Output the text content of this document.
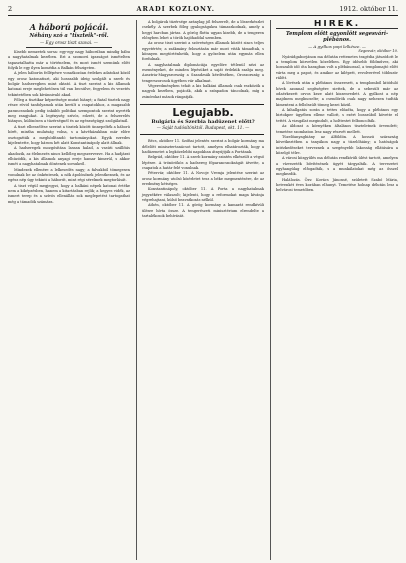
2	ARADI KOZLONY.	1912. október 11.
A háború pojácái.
Néhány szó a "tiszteik"-ről.
— Egy orosz tiszt szavai. —
Kisebb nemzetek sorsa: egy-egy nagy háborúban mindig bábu a nagyhatalmak kezében. Ezt a szomorú igazságot ismételten tapasztalhatta már a történelem, és most ismét szemünk előtt folyik le egy ilyen komédia a Balkán félszigeten.
A jelen háborús fellépésre vonatkozóan érdekes adatokat közöl egy orosz katonatiszt, aki hosszabb ideig szolgált a szerb és bolgár hadseregben mint oktató. A tiszt szerint a kis államok katonai ereje meglehetősen túl van becsülve, fegyelem és vezetés tekintetében sok kívánnivaló akad.
Főleg a tisztikar képzettsége mutat hiányt; a fiatal tisztek nagy része rövid tanfolyamok után került a csapatokhoz, a magasabb parancsnokok pedig inkább politikai szempontok szerint nyerték meg rangjukat. A legénység szívós, edzett, de a felszerelés hiányos, különösen a tüzérségnél és az egészségügyi szolgálatnál.
A tiszt elbeszélése szerint a tisztek között ünnepelték a háború hírét, mintha mulatság volna, s a kávéházakban már előre osztogatták a meghódítandó tartományokat. Egyik ezredes kijelentette, hogy három hét alatt Konstantinápoly alatt állnak.
A hadseregek mozgósítása lassan halad, a vasúti szállítás akadozik, az élelmezés nincs kellőleg megszervezve. Ha a hadjárat elhúzódik, a kis államok anyagi ereje hamar kimerül, s akkor ismét a nagyhatalmak döntenek sorsukról.
Mindezek ellenére a lelkesedés nagy; a falvakból tömegesen vonulnak be az önkéntesek, a nők ápolónőnek jelentkeznek, és az egész nép úgy tekinti a háborút, mint régi sérelmek megtorlását.
A tiszt végül megjegyzi, hogy a balkáni népek katonai értéke nem a kiképzésben, hanem a kitartásban rejlik; a hegyes vidék, az ismert terep és a szívós ellenállás sok meglepetést tartogathat még a támadók számára.
A bolgárok tüzérsége aránylag jól felszerelt, de a lőszerkészlet csekély. A szerbek főleg gyalogságukra támaszkodnak, amely a hegyi harcban jártas. A görög flotta ugyan kisebb, de a tengeren előnyben lehet a török hajóhaddal szemben.
Az orosz tiszt szerint a szövetséges államok között sincs teljes egyetértés; a zsákmány felosztásán már most viták támadtak, s könnyen megtörténhetik, hogy a győzelem után egymás ellen fordulnak.
A nagyhatalmak diplomáciája egyelőre tétlenül nézi az eseményeket, de minden lépésüket a saját érdekük szabja meg. Ausztria-Magyarország a Szandzsák kérdésében, Oroszország a tengerszorosok ügyében vár alkalmat.
Végeredményben tehát a kis balkáni államok csak eszközök a nagyok kezében, pojácák, akik a színpadon táncolnak, míg a zsinórokat mások rángatják.
Legujabb.
Bulgária és Szerbia hadüzenet előtt?
— Saját tudósítónktól. Budapest, okt. 11. —
Bécs, október 11. Szófiai jelentés szerint a bolgár kormány ma délelőtt minisztertanácsot tartott, amelyen elhatározták, hogy a hadüzenetet a legközelebbi napokban átnyújtják a Portának.
Belgrád, október 11. A szerb kormány szintén elkészült a végső lépésre. A trónörökös a hadsereg főparancsnokságát átvette, a csapatok a határ felé vonulnak.
Pétervár, október 11. A Novoje Vremja jelentése szerint az orosz kormány utolsó kísérletet tesz a béke megmentésére, de az eredmény kétséges.
Konstantinápoly, október 11. A Porta a nagyhatalmak jegyzékére válaszolt; kijelenti, hogy a reformokat maga kívánja végrehajtani, külső beavatkozás nélkül.
Athén, október 11. A görög kormány a kamarát rendkívüli ülésre hívta össze. A tengerészeti minisztérium elrendelte a tartalékosok behívását.
HÍREK.
Templom előtt agyonlőtt segesvári-plébános.
— A gyilkos papi lelkésze. —
Segesvár, október 10.
Nyárádgaborjánon ma délután rettenetes tragédia játszódott le a templom közvetlen közelében. Egy idősebb földműves, aki hosszabb idő óta haragban volt a plébánossal, a templomajtó előtt várta meg a papot, és amikor az kilépett, revolverével többször rálőtt.
A lövések után a plébános összeesett, a templomból kitóduló hívek azonnal segítségére siettek, de a sebesült már az odaérkezett orvos keze alatt kiszenvedett. A gyilkost a nép majdnem meglincselte; a csendőrök csak nagy nehezen tudták kimenteni a felbőszült tömeg kezei közül.
A kihallgatás során a tettes előadta, hogy a plébános egy birtokper ügyében ellene vallott, s ezért bosszúból követte el tettét. A vizsgálat megindult, a holttestet felboncolták.
Az áldozat a környéken általános tiszteletnek örvendett; temetése szombaton lesz nagy részvét mellett.
Tüzelőanyaghiány az Alföldön. A hosszú szárazság következtében a tanyákon nagy a tüzelőhiány; a hatóságok intézkedéseket terveznek a szegényebb lakosság ellátására a közelgő télre.
A városi közgyűlés ma délután rendkívüli ülést tartott, amelyen a vízvezeték bővítésének ügyét tárgyalták. A tervezetet egyhangúlag elfogadták, s a munkálatokat még az ősszel megkezdik.
Halálozás. Özv. Kovács Jánosné, született Szabó Mária, hetvenkét éves korában elhunyt. Temetése holnap délután lesz a belvárosi temetőben.
